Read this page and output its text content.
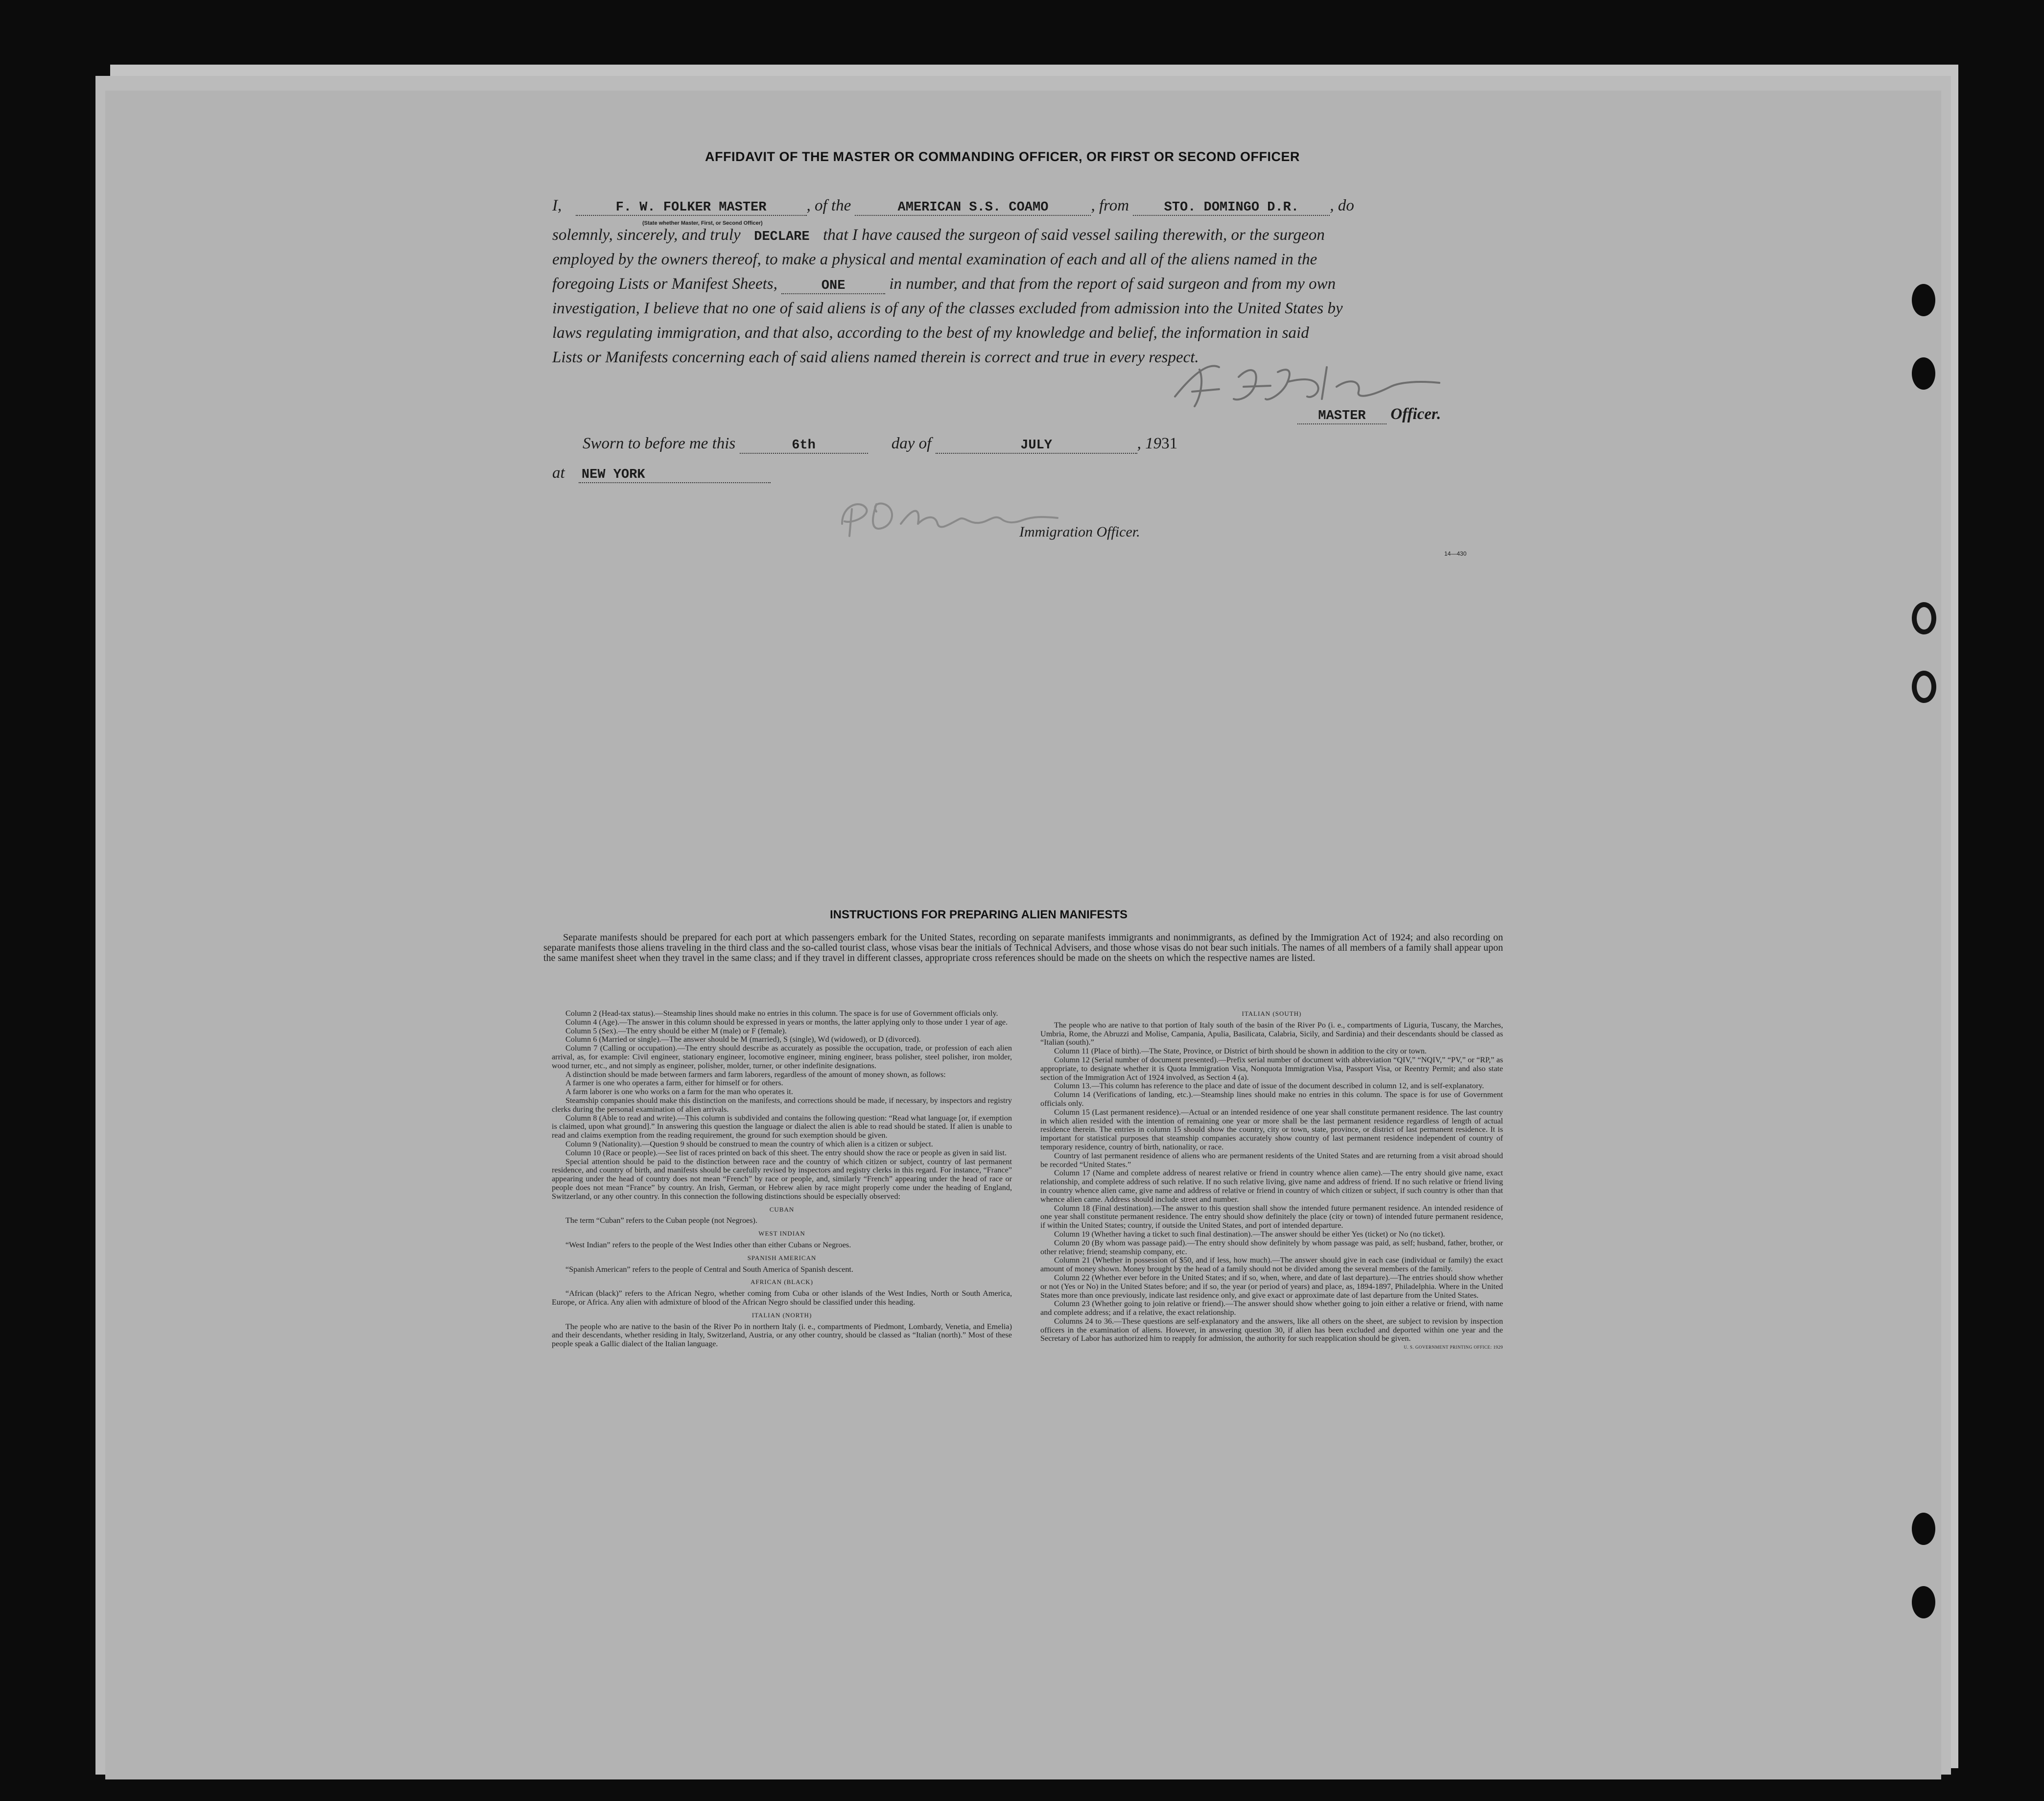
AFFIDAVIT OF THE MASTER OR COMMANDING OFFICER, OR FIRST OR SECOND OFFICER
I,	F. W. FOLKER MASTER , of the	AMERICAN S.S. COAMO	, from	STO. DOMINGO D.R. , do
(State whether Master, First, or Second Officer)
solemnly, sincerely, and truly DECLARE that I have caused the surgeon of said vessel sailing therewith, or the surgeon
employed by the owners thereof, to make a physical and mental examination of each and all of the aliens named in the
foregoing Lists or Manifest Sheets,	ONE	in number, and that from the report of said surgeon and from my own
investigation, I believe that no one of said aliens is of any of the classes excluded from admission into the United States by
laws regulating immigration, and that also, according to the best of my knowledge and belief, the information in said
Lists or Manifests concerning each of said aliens named therein is correct and true in every respect.
MASTER Officer.
Sworn to before me this	6th	day of	JULY	, 1931
at NEW YORK
Immigration Officer.
14—430
INSTRUCTIONS FOR PREPARING ALIEN MANIFESTS
Separate manifests should be prepared for each port at which passengers embark for the United States, recording on separate manifests immigrants and nonimmigrants, as defined by the Immigration Act of 1924; and also recording on separate manifests those aliens traveling in the third class and the so-called tourist class, whose visas bear the initials of Technical Advisers, and those whose visas do not bear such initials. The names of all members of a family shall appear upon the same manifest sheet when they travel in the same class; and if they travel in different classes, appropriate cross references should be made on the sheets on which the respective names are listed.

Column 2 (Head-tax status).—Steamship lines should make no entries in this column. The space is for use of Government officials only.

Column 4 (Age).—The answer in this column should be expressed in years or months, the latter applying only to those under 1 year of age.

Column 5 (Sex).—The entry should be either M (male) or F (female).

Column 6 (Married or single).—The answer should be M (married), S (single), Wd (widowed), or D (divorced).

Column 7 (Calling or occupation).—The entry should describe as accurately as possible the occupation, trade, or profession of each alien arrival, as, for example: Civil engineer, stationary engineer, locomotive engineer, mining engineer, brass polisher, steel polisher, iron molder, wood turner, etc., and not simply as engineer, polisher, molder, turner, or other indefinite designations.

A distinction should be made between farmers and farm laborers, regardless of the amount of money shown, as follows:

A farmer is one who operates a farm, either for himself or for others.

A farm laborer is one who works on a farm for the man who operates it.

Steamship companies should make this distinction on the manifests, and corrections should be made, if necessary, by inspectors and registry clerks during the personal examination of alien arrivals.

Column 8 (Able to read and write).—This column is subdivided and contains the following question: “Read what language [or, if exemption is claimed, upon what ground].” In answering this question the language or dialect the alien is able to read should be stated. If alien is unable to read and claims exemption from the reading requirement, the ground for such exemption should be given.

Column 9 (Nationality).—Question 9 should be construed to mean the country of which alien is a citizen or subject.

Column 10 (Race or people).—See list of races printed on back of this sheet. The entry should show the race or people as given in said list.

Special attention should be paid to the distinction between race and the country of which citizen or subject, country of last permanent residence, and country of birth, and manifests should be carefully revised by inspectors and registry clerks in this regard. For instance, “France” appearing under the head of country does not mean “French” by race or people, and, similarly “French” appearing under the head of race or people does not mean “France” by country. An Irish, German, or Hebrew alien by race might properly come under the heading of England, Switzerland, or any other country. In this connection the following distinctions should be especially observed:

CUBAN

The term “Cuban” refers to the Cuban people (not Negroes).

WEST INDIAN

“West Indian” refers to the people of the West Indies other than either Cubans or Negroes.

SPANISH AMERICAN

“Spanish American” refers to the people of Central and South America of Spanish descent.

AFRICAN (BLACK)

“African (black)” refers to the African Negro, whether coming from Cuba or other islands of the West Indies, North or South America, Europe, or Africa. Any alien with admixture of blood of the African Negro should be classified under this heading.

ITALIAN (NORTH)

The people who are native to the basin of the River Po in northern Italy (i. e., compartments of Piedmont, Lombardy, Venetia, and Emelia) and their descendants, whether residing in Italy, Switzerland, Austria, or any other country, should be classed as “Italian (north).” Most of these people speak a Gallic dialect of the Italian language.

ITALIAN (SOUTH)

The people who are native to that portion of Italy south of the basin of the River Po (i. e., compartments of Liguria, Tuscany, the Marches, Umbria, Rome, the Abruzzi and Molise, Campania, Apulia, Basilicata, Calabria, Sicily, and Sardinia) and their descendants should be classed as “Italian (south).”

Column 11 (Place of birth).—The State, Province, or District of birth should be shown in addition to the city or town.

Column 12 (Serial number of document presented).—Prefix serial number of document with abbreviation “QIV,” “NQIV,” “PV,” or “RP,” as appropriate, to designate whether it is Quota Immigration Visa, Nonquota Immigration Visa, Passport Visa, or Reentry Permit; and also state section of the Immigration Act of 1924 involved, as Section 4 (a).

Column 13.—This column has reference to the place and date of issue of the document described in column 12, and is self-explanatory.

Column 14 (Verifications of landing, etc.).—Steamship lines should make no entries in this column. The space is for use of Government officials only.

Column 15 (Last permanent residence).—Actual or an intended residence of one year shall constitute permanent residence. The last country in which alien resided with the intention of remaining one year or more shall be the last permanent residence regardless of length of actual residence therein. The entries in column 15 should show the country, city or town, state, province, or district of last permanent residence. It is important for statistical purposes that steamship companies accurately show country of last permanent residence independent of country of temporary residence, country of birth, nationality, or race.

Country of last permanent residence of aliens who are permanent residents of the United States and are returning from a visit abroad should be recorded “United States.”

Column 17 (Name and complete address of nearest relative or friend in country whence alien came).—The entry should give name, exact relationship, and complete address of such relative. If no such relative living, give name and address of friend. If no such relative or friend living in country whence alien came, give name and address of relative or friend in country of which citizen or subject, if such country is other than that whence alien came. Address should include street and number.

Column 18 (Final destination).—The answer to this question shall show the intended future permanent residence. An intended residence of one year shall constitute permanent residence. The entry should show definitely the place (city or town) of intended future permanent residence, if within the United States; country, if outside the United States, and port of intended departure.

Column 19 (Whether having a ticket to such final destination).—The answer should be either Yes (ticket) or No (no ticket).

Column 20 (By whom was passage paid).—The entry should show definitely by whom passage was paid, as self; husband, father, brother, or other relative; friend; steamship company, etc.

Column 21 (Whether in possession of $50, and if less, how much).—The answer should give in each case (individual or family) the exact amount of money shown. Money brought by the head of a family should not be divided among the several members of the family.

Column 22 (Whether ever before in the United States; and if so, when, where, and date of last departure).—The entries should show whether or not (Yes or No) in the United States before; and if so, the year (or period of years) and place, as, 1894-1897, Philadelphia. Where in the United States more than once previously, indicate last residence only, and give exact or approximate date of last departure from the United States.

Column 23 (Whether going to join relative or friend).—The answer should show whether going to join either a relative or friend, with name and complete address; and if a relative, the exact relationship.

Columns 24 to 36.—These questions are self-explanatory and the answers, like all others on the sheet, are subject to revision by inspection officers in the examination of aliens. However, in answering question 30, if alien has been excluded and deported within one year and the Secretary of Labor has authorized him to reapply for admission, the authority for such reapplication should be given.

U. S. GOVERNMENT PRINTING OFFICE: 1929
